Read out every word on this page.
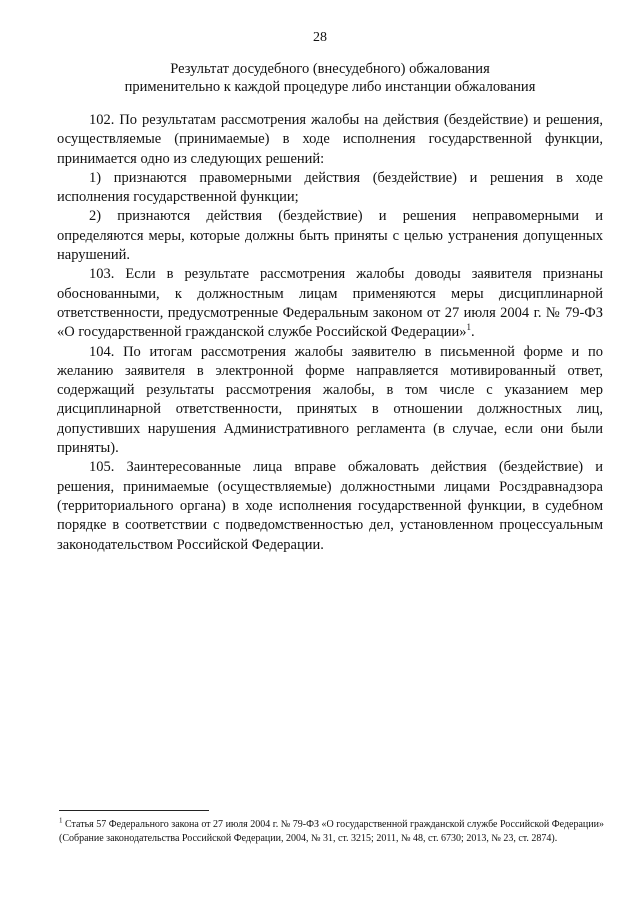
28
Результат досудебного (внесудебного) обжалования
применительно к каждой процедуре либо инстанции обжалования

102. По результатам рассмотрения жалобы на действия (бездействие) и решения, осуществляемые (принимаемые) в ходе исполнения государственной функции, принимается одно из следующих решений:

1) признаются правомерными действия (бездействие) и решения в ходе исполнения государственной функции;

2) признаются действия (бездействие) и решения неправомерными и определяются меры, которые должны быть приняты с целью устранения допущенных нарушений.

103. Если в результате рассмотрения жалобы доводы заявителя признаны обоснованными, к должностным лицам применяются меры дисциплинарной ответственности, предусмотренные Федеральным законом от 27 июля 2004 г. № 79-ФЗ «О государственной гражданской службе Российской Федерации»$^1$.

104. По итогам рассмотрения жалобы заявителю в письменной форме и по желанию заявителя в электронной форме направляется мотивированный ответ, содержащий результаты рассмотрения жалобы, в том числе с указанием мер дисциплинарной ответственности, принятых в отношении должностных лиц, допустивших нарушения Административного регламента (в случае, если они были приняты).

105. Заинтересованные лица вправе обжаловать действия (бездействие) и решения, принимаемые (осуществляемые) должностными лицами Росздравнадзора (территориального органа) в ходе исполнения государственной функции, в судебном порядке в соответствии с подведомственностью дел, установленном процессуальным законодательством Российской Федерации.

$^1$ Статья 57 Федерального закона от 27 июля 2004 г. № 79-ФЗ «О государственной гражданской службе Российской Федерации» (Собрание законодательства Российской Федерации, 2004, № 31, ст. 3215; 2011, № 48, ст. 6730; 2013, № 23, ст. 2874).
